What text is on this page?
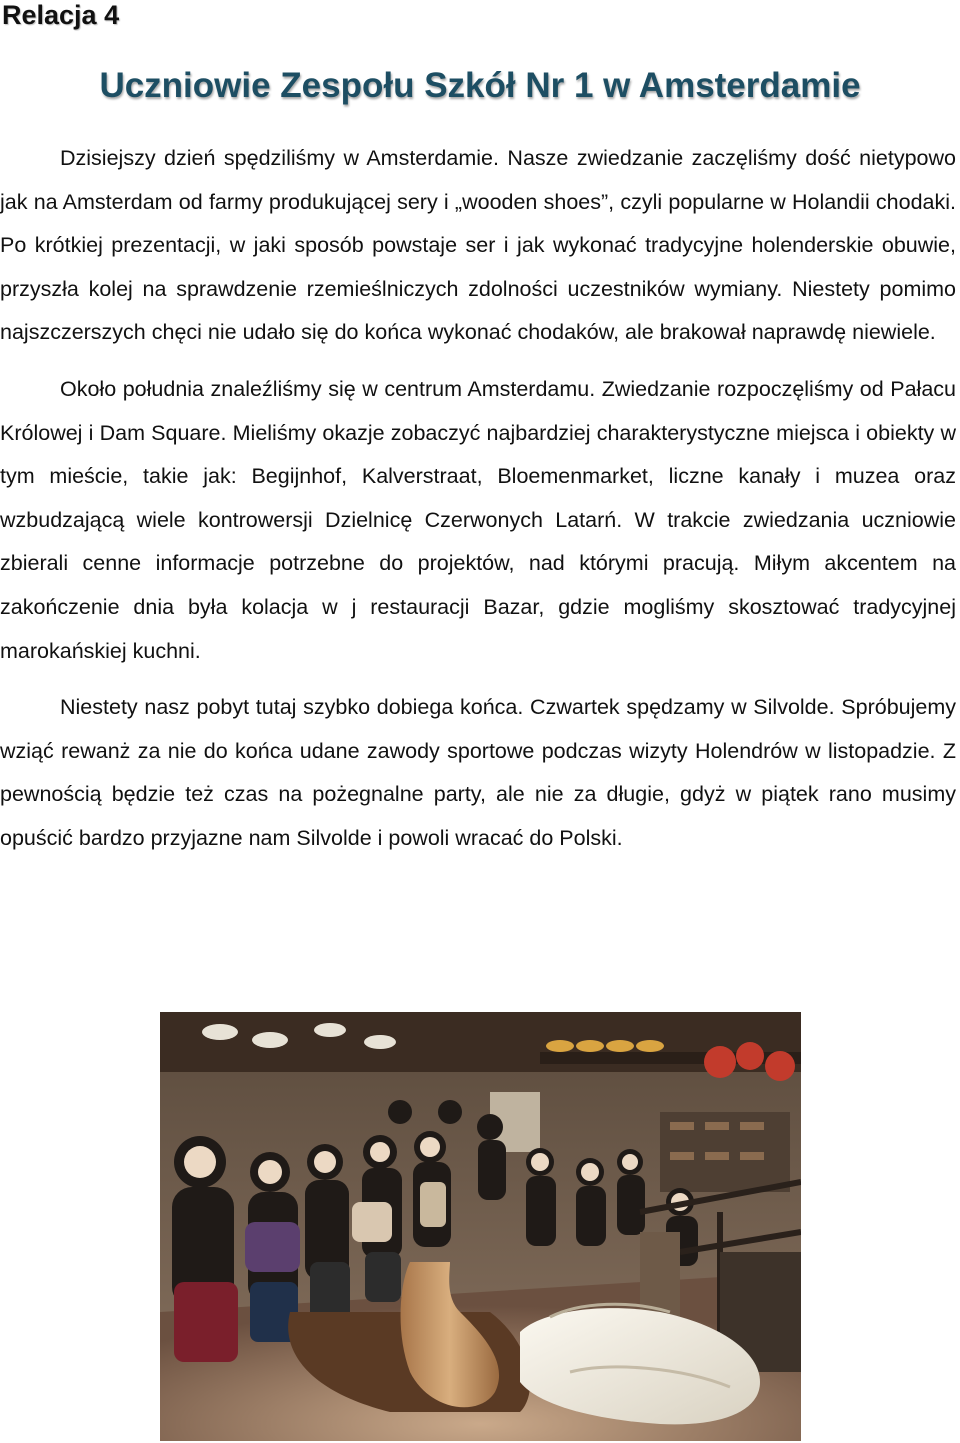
Relacja 4
Uczniowie Zespołu Szkół Nr 1 w Amsterdamie

Dzisiejszy dzień spędziliśmy w Amsterdamie. Nasze zwiedzanie zaczęliśmy dość nietypowo jak na Amsterdam od farmy produkującej sery i „wooden shoes”, czyli popularne w Holandii chodaki. Po krótkiej prezentacji, w jaki sposób powstaje ser i jak wykonać tradycyjne holenderskie obuwie, przyszła kolej na sprawdzenie rzemieślniczych zdolności uczestników wymiany. Niestety pomimo najszczerszych chęci nie udało się do końca wykonać chodaków, ale brakował naprawdę niewiele.

Około południa znaleźliśmy się w centrum Amsterdamu. Zwiedzanie rozpoczęliśmy od Pałacu Królowej i Dam Square. Mieliśmy okazje zobaczyć najbardziej charakterystyczne miejsca i obiekty w tym mieście, takie jak: Begijnhof, Kalverstraat, Bloemenmarket, liczne kanały i muzea oraz wzbudzającą wiele kontrowersji Dzielnicę Czerwonych Latarń. W trakcie zwiedzania uczniowie zbierali cenne informacje potrzebne do projektów, nad którymi pracują. Miłym akcentem na zakończenie dnia była kolacja w j restauracji Bazar, gdzie mogliśmy skosztować tradycyjnej marokańskiej kuchni.

Niestety nasz pobyt tutaj szybko dobiega końca. Czwartek spędzamy w Silvolde. Spróbujemy wziąć rewanż za nie do końca udane zawody sportowe podczas wizyty Holendrów w listopadzie. Z pewnością będzie też czas na pożegnalne party, ale nie za długie, gdyż w piątek rano musimy opuścić bardzo przyjazne nam Silvolde i powoli wracać do Polski.
